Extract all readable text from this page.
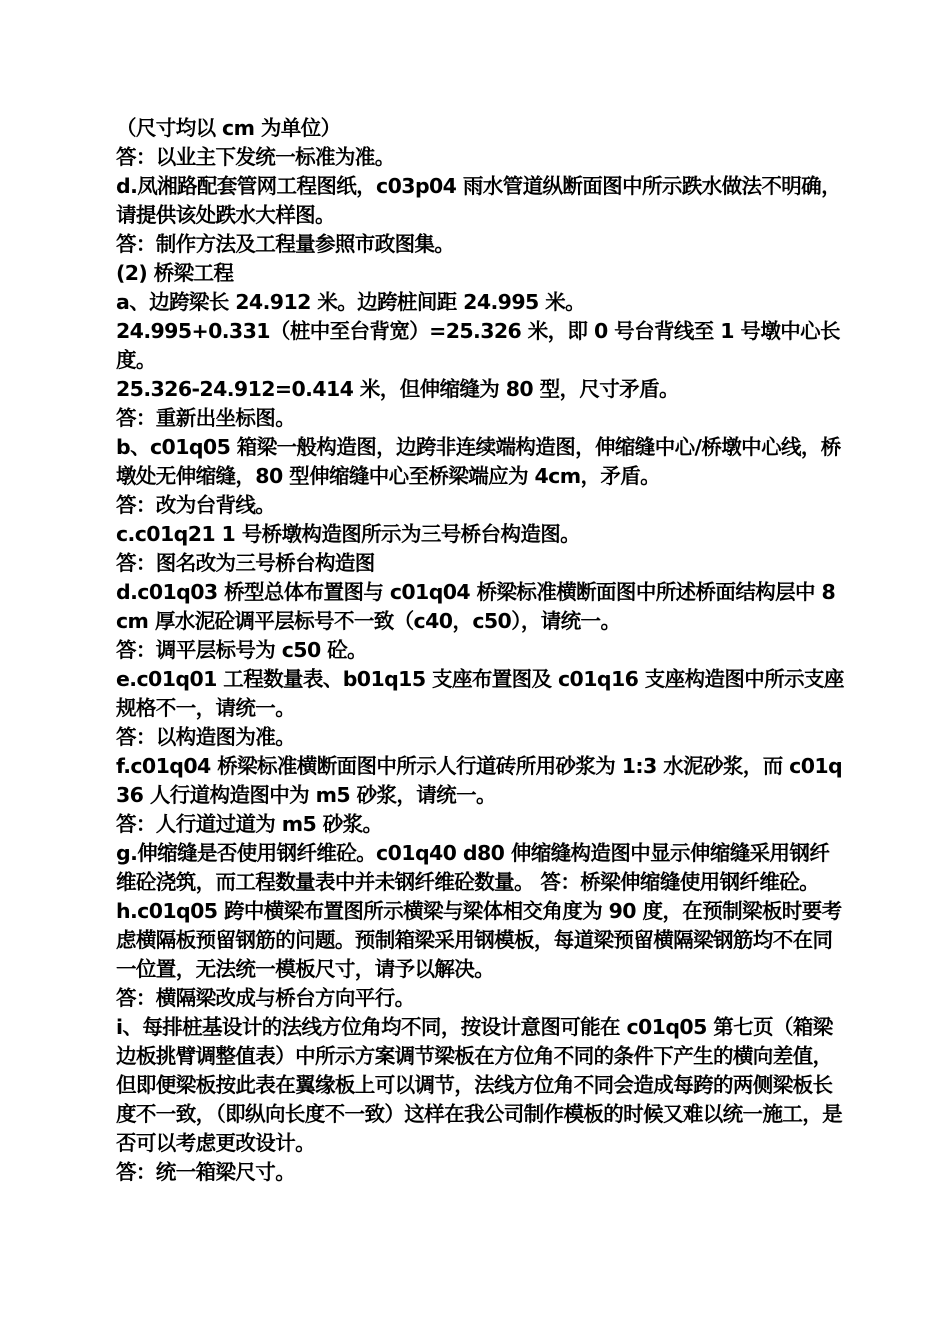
（尺寸均以 cm 为单位）

答：以业主下发统一标准为准。

d.凤湘路配套管网工程图纸，c03p04 雨水管道纵断面图中所示跌水做法不明确，请提供该处跌水大样图。

答：制作方法及工程量参照市政图集。

(2) 桥梁工程

a、边跨梁长 24.912 米。边跨桩间距 24.995 米。

24.995+0.331（桩中至台背宽）=25.326 米，即 0 号台背线至 1 号墩中心长度。

25.326-24.912=0.414 米，但伸缩缝为 80 型，尺寸矛盾。

答：重新出坐标图。

b、c01q05 箱梁一般构造图，边跨非连续端构造图，伸缩缝中心/桥墩中心线，桥墩处无伸缩缝，80 型伸缩缝中心至桥梁端应为 4cm，矛盾。

答：改为台背线。

c.c01q21 1 号桥墩构造图所示为三号桥台构造图。

答：图名改为三号桥台构造图

d.c01q03 桥型总体布置图与 c01q04 桥梁标准横断面图中所述桥面结构层中 8cm 厚水泥砼调平层标号不一致（c40，c50），请统一。

答：调平层标号为 c50 砼。

e.c01q01 工程数量表、b01q15 支座布置图及 c01q16 支座构造图中所示支座规格不一，请统一。

答：以构造图为准。

f.c01q04 桥梁标准横断面图中所示人行道砖所用砂浆为 1:3 水泥砂浆，而 c01q36 人行道构造图中为 m5 砂浆，请统一。

答：人行道过道为 m5 砂浆。

g.伸缩缝是否使用钢纤维砼。c01q40 d80 伸缩缝构造图中显示伸缩缝采用钢纤维砼浇筑，而工程数量表中并未钢纤维砼数量。 答：桥梁伸缩缝使用钢纤维砼。

h.c01q05 跨中横梁布置图所示横梁与梁体相交角度为 90 度，在预制梁板时要考虑横隔板预留钢筋的问题。预制箱梁采用钢模板，每道梁预留横隔梁钢筋均不在同一位置，无法统一模板尺寸，请予以解决。

答：横隔梁改成与桥台方向平行。

i、每排桩基设计的法线方位角均不同，按设计意图可能在 c01q05 第七页（箱梁边板挑臂调整值表）中所示方案调节梁板在方位角不同的条件下产生的横向差值，但即便梁板按此表在翼缘板上可以调节，法线方位角不同会造成每跨的两侧梁板长度不一致，（即纵向长度不一致）这样在我公司制作模板的时候又难以统一施工，是否可以考虑更改设计。

答：统一箱梁尺寸。
